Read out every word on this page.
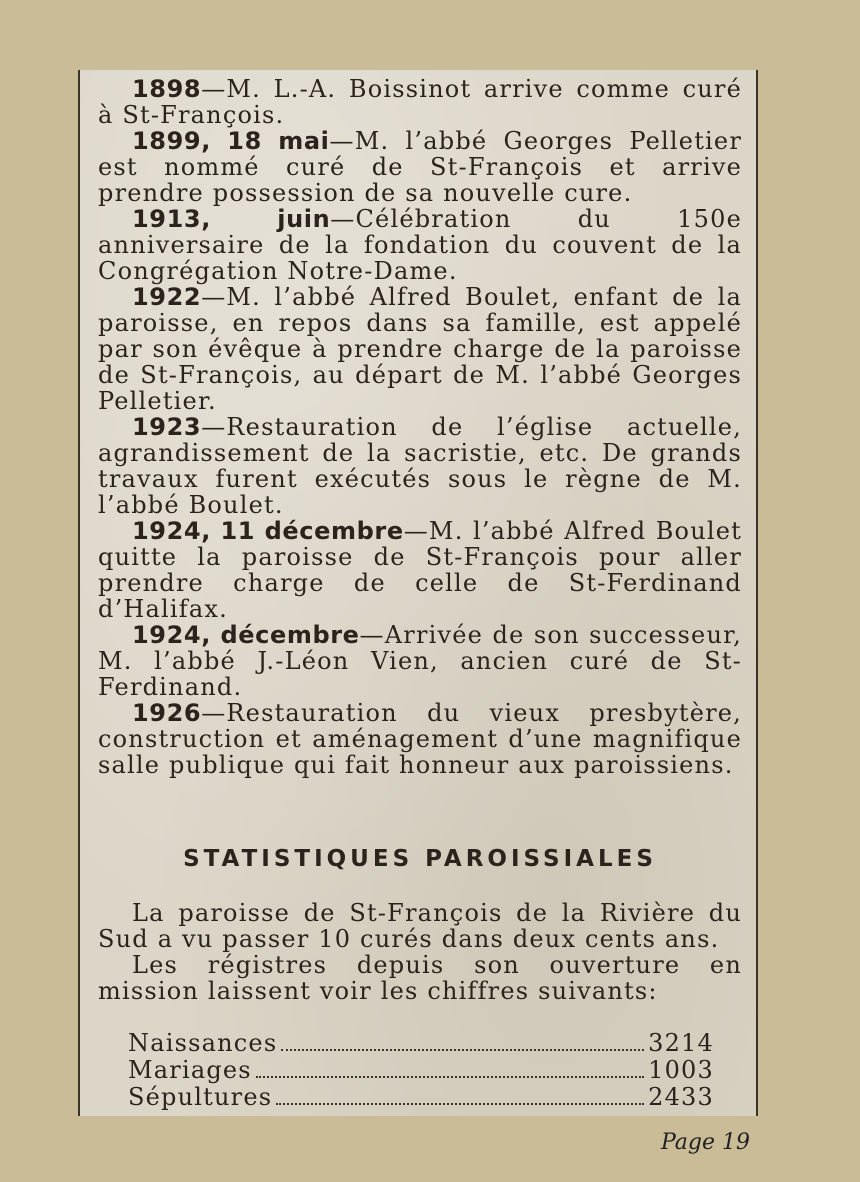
1898—M. L.-A. Boissinot arrive comme curé à St-François.

1899, 18 mai—M. l’abbé Georges Pelletier est nommé curé de St-François et arrive prendre possession de sa nouvelle cure.

1913, juin—Célébration du 150e anniversaire de la fondation du couvent de la Congrégation Notre-Dame.

1922—M. l’abbé Alfred Boulet, enfant de la paroisse, en repos dans sa famille, est appelé par son évêque à prendre charge de la paroisse de St-François, au départ de M. l’abbé Georges Pelletier.

1923—Restauration de l’église actuelle, agrandissement de la sacristie, etc. De grands travaux furent exécutés sous le règne de M. l’abbé Boulet.

1924, 11 décembre—M. l’abbé Alfred Boulet quitte la paroisse de St-François pour aller prendre charge de celle de St-Ferdinand d’Halifax.

1924, décembre—Arrivée de son successeur, M. l’abbé J.-Léon Vien, ancien curé de St-Ferdinand.

1926—Restauration du vieux presbytère, construction et aménagement d’une magnifique salle publique qui fait honneur aux paroissiens.

STATISTIQUES PAROISSIALES

La paroisse de St-François de la Rivière du Sud a vu passer 10 curés dans deux cents ans.

Les régistres depuis son ouverture en mission laissent voir les chiffres suivants:

Naissances	3214
Mariages	1003
Sépultures	2433
Page 19
